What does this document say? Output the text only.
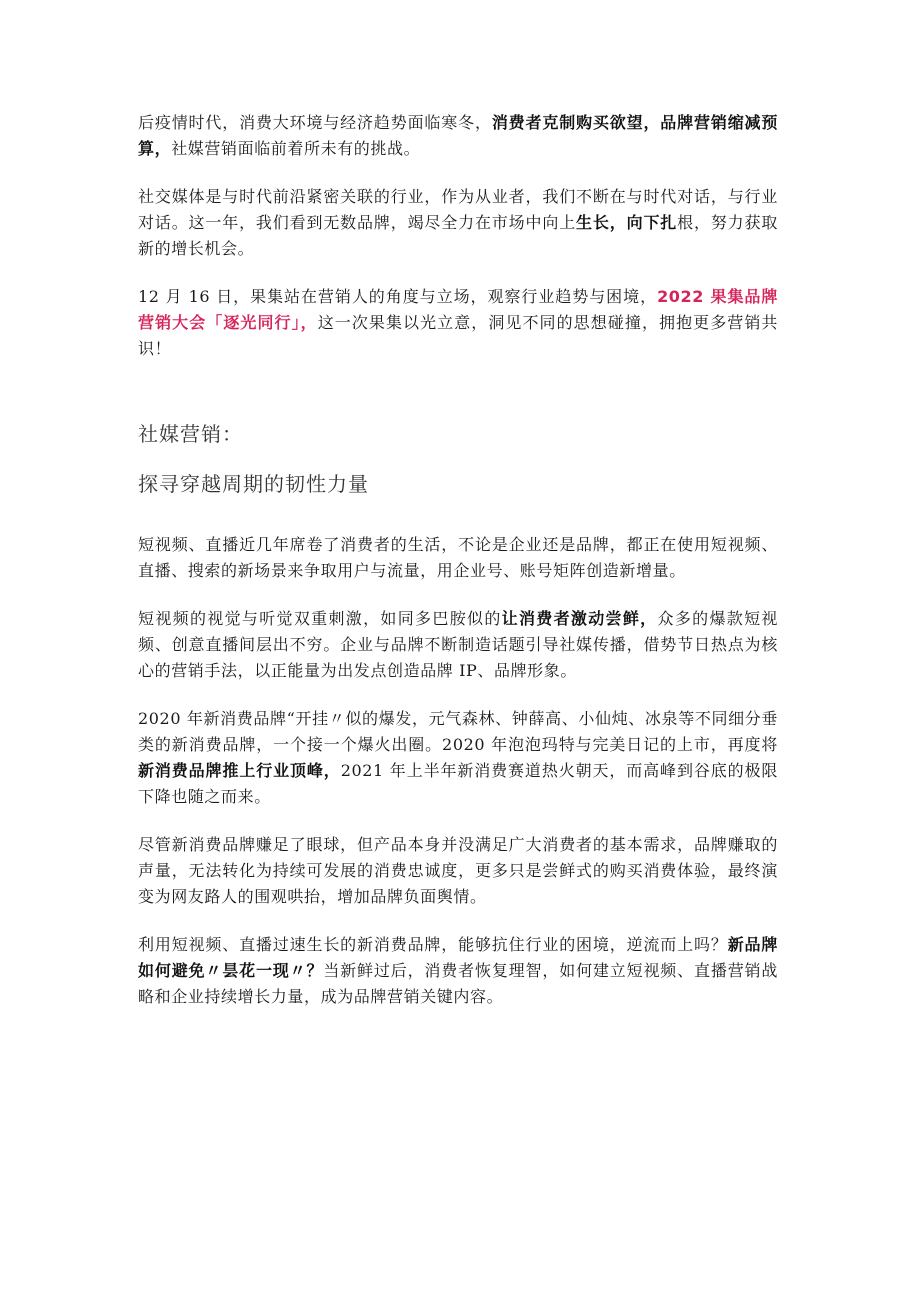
后疫情时代，消费大环境与经济趋势面临寒冬，消费者克制购买欲望，品牌营销缩减预算，社媒营销面临前着所未有的挑战。

社交媒体是与时代前沿紧密关联的行业，作为从业者，我们不断在与时代对话，与行业对话。这一年，我们看到无数品牌，竭尽全力在市场中向上生长，向下扎根，努力获取新的增长机会。

12 月 16 日，果集站在营销人的角度与立场，观察行业趋势与困境，2022 果集品牌营销大会「逐光同行」，这一次果集以光立意，洞见不同的思想碰撞，拥抱更多营销共识！

社媒营销：
探寻穿越周期的韧性力量

短视频、直播近几年席卷了消费者的生活，不论是企业还是品牌，都正在使用短视频、直播、搜索的新场景来争取用户与流量，用企业号、账号矩阵创造新增量。

短视频的视觉与听觉双重刺激，如同多巴胺似的让消费者激动尝鲜，众多的爆款短视频、创意直播间层出不穷。企业与品牌不断制造话题引导社媒传播，借势节日热点为核心的营销手法，以正能量为出发点创造品牌 IP、品牌形象。

2020 年新消费品牌“开挂〃似的爆发，元气森林、钟薛高、小仙炖、冰泉等不同细分垂类的新消费品牌，一个接一个爆火出圈。2020 年泡泡玛特与完美日记的上市，再度将新消费品牌推上行业顶峰，2021 年上半年新消费赛道热火朝天，而高峰到谷底的极限下降也随之而来。

尽管新消费品牌赚足了眼球，但产品本身并没满足广大消费者的基本需求，品牌赚取的声量，无法转化为持续可发展的消费忠诚度，更多只是尝鲜式的购买消费体验，最终演变为网友路人的围观哄抬，增加品牌负面舆情。

利用短视频、直播过速生长的新消费品牌，能够抗住行业的困境，逆流而上吗？新品牌如何避免〃昙花一现〃？当新鲜过后，消费者恢复理智，如何建立短视频、直播营销战略和企业持续增长力量，成为品牌营销关键内容。
